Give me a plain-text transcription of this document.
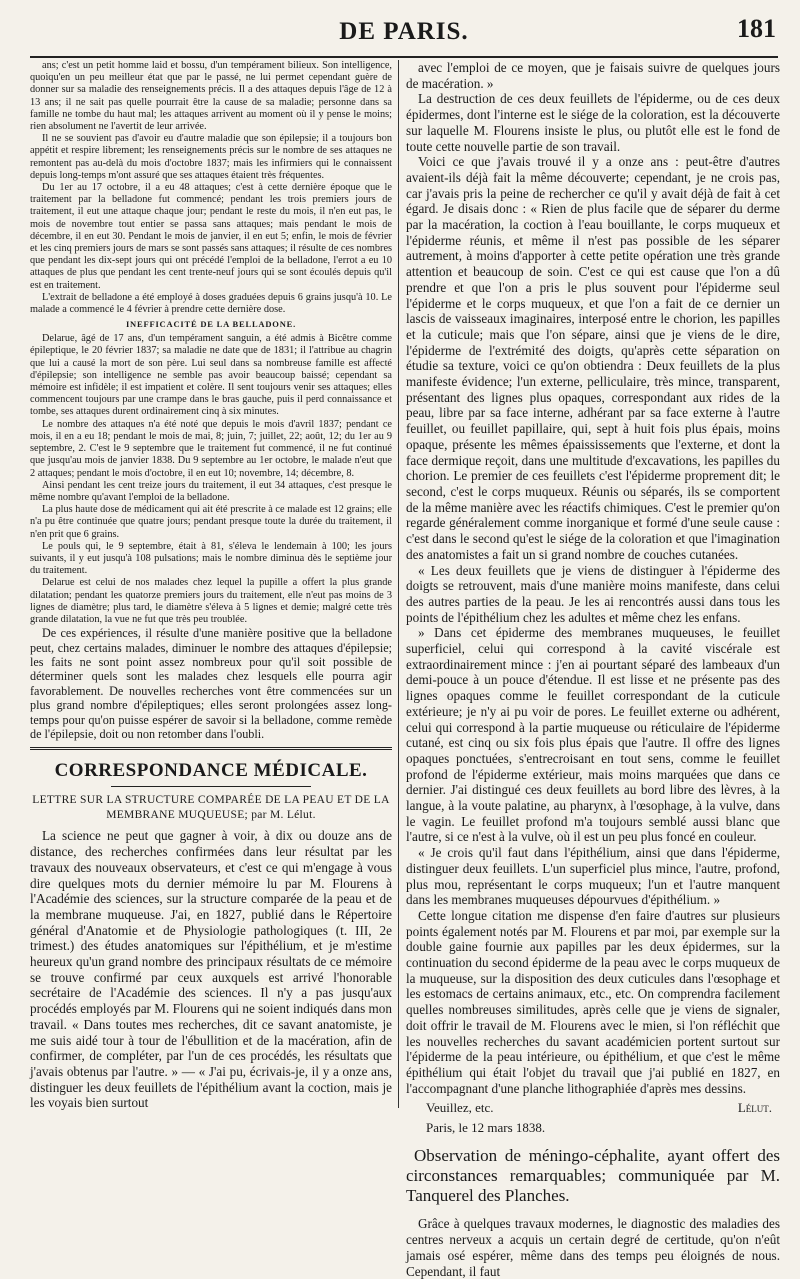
DE PARIS.	181

ans; c'est un petit homme laid et bossu, d'un tempérament bilieux. Son intelligence, quoiqu'en un peu meilleur état que par le passé, ne lui permet cependant guère de donner sur sa maladie des renseignements précis. Il a des attaques depuis l'âge de 12 à 13 ans; il ne sait pas quelle pourrait être la cause de sa maladie; personne dans sa famille ne tombe du haut mal; les attaques arrivent au moment où il y pense le moins; rien absolument ne l'avertit de leur arrivée.

Il ne se souvient pas d'avoir eu d'autre maladie que son épilepsie; il a toujours bon appétit et respire librement; les renseignements précis sur le nombre de ses attaques ne remontent pas au-delà du mois d'octobre 1837; mais les infirmiers qui le connaissent depuis long-temps m'ont assuré que ses attaques étaient très fréquentes.

Du 1er au 17 octobre, il a eu 48 attaques; c'est à cette dernière époque que le traitement par la belladone fut commencé; pendant les trois premiers jours de traitement, il eut une attaque chaque jour; pendant le reste du mois, il n'en eut pas, le mois de novembre tout entier se passa sans attaques; mais pendant le mois de décembre, il en eut 30. Pendant le mois de janvier, il en eut 5; enfin, le mois de février et les cinq premiers jours de mars se sont passés sans attaques; il résulte de ces nombres que pendant les dix-sept jours qui ont précédé l'emploi de la belladone, l'errot a eu 10 attaques de plus que pendant les cent trente-neuf jours qui se sont écoulés depuis qu'il est en traitement.

L'extrait de belladone a été employé à doses graduées depuis 6 grains jusqu'à 10. Le malade a commencé le 4 février à prendre cette dernière dose.

INEFFICACITÉ DE LA BELLADONE.

Delarue, âgé de 17 ans, d'un tempérament sanguin, a été admis à Bicêtre comme épileptique, le 20 février 1837; sa maladie ne date que de 1831; il l'attribue au chagrin que lui a causé la mort de son père. Lui seul dans sa nombreuse famille est affecté d'épilepsie; son intelligence ne semble pas avoir beaucoup baissé; cependant sa mémoire est infidèle; il est impatient et colère. Il sent toujours venir ses attaques; elles commencent toujours par une crampe dans le bras gauche, puis il perd connaissance et tombe, ses attaques durent ordinairement cinq à six minutes.

Le nombre des attaques n'a été noté que depuis le mois d'avril 1837; pendant ce mois, il en a eu 18; pendant le mois de mai, 8; juin, 7; juillet, 22; août, 12; du 1er au 9 septembre, 2. C'est le 9 septembre que le traitement fut commencé, il ne fut continué que jusqu'au mois de janvier 1838. Du 9 septembre au 1er octobre, le malade n'eut que 2 attaques; pendant le mois d'octobre, il en eut 10; novembre, 14; décembre, 8.

Ainsi pendant les cent treize jours du traitement, il eut 34 attaques, c'est presque le même nombre qu'avant l'emploi de la belladone.

La plus haute dose de médicament qui ait été prescrite à ce malade est 12 grains; elle n'a pu être continuée que quatre jours; pendant presque toute la durée du traitement, il n'en prit que 6 grains.

Le pouls qui, le 9 septembre, était à 81, s'éleva le lendemain à 100; les jours suivants, il y eut jusqu'à 108 pulsations; mais le nombre diminua dès le septième jour du traitement.

Delarue est celui de nos malades chez lequel la pupille a offert la plus grande dilatation; pendant les quatorze premiers jours du traitement, elle n'eut pas moins de 3 lignes de diamètre; plus tard, le diamètre s'éleva à 5 lignes et demie; malgré cette très grande dilatation, la vue ne fut que très peu troublée.

De ces expériences, il résulte d'une manière positive que la belladone peut, chez certains malades, diminuer le nombre des attaques d'épilepsie; les faits ne sont point assez nombreux pour qu'il soit possible de déterminer quels sont les malades chez lesquels elle pourra agir favorablement. De nouvelles recherches vont être commencées sur un plus grand nombre d'épileptiques; elles seront prolongées assez long-temps pour qu'on puisse espérer de savoir si la belladone, comme remède de l'épilepsie, doit ou non retomber dans l'oubli.

CORRESPONDANCE MÉDICALE.
LETTRE SUR LA STRUCTURE COMPARÉE DE LA PEAU ET DE LA MEMBRANE MUQUEUSE; par M. Lélut.

La science ne peut que gagner à voir, à dix ou douze ans de distance, des recherches confirmées dans leur résultat par les travaux des nouveaux observateurs, et c'est ce qui m'engage à vous dire quelques mots du dernier mémoire lu par M. Flourens à l'Académie des sciences, sur la structure comparée de la peau et de la membrane muqueuse. J'ai, en 1827, publié dans le Répertoire général d'Anatomie et de Physiologie pathologiques (t. III, 2e trimest.) des études anatomiques sur l'épithélium, et je m'estime heureux qu'un grand nombre des principaux résultats de ce mémoire se trouve confirmé par ceux auxquels est arrivé l'honorable secrétaire de l'Académie des sciences. Il n'y a pas jusqu'aux procédés employés par M. Flourens qui ne soient indiqués dans mon travail. « Dans toutes mes recherches, dit ce savant anatomiste, je me suis aidé tour à tour de l'ébullition et de la macération, afin de confirmer, de compléter, par l'un de ces procédés, les résultats que j'avais obtenus par l'autre. » — « J'ai pu, écrivais-je, il y a onze ans, distinguer les deux feuillets de l'épithélium avant la coction, mais je les voyais bien surtout

avec l'emploi de ce moyen, que je faisais suivre de quelques jours de macération. »

La destruction de ces deux feuillets de l'épiderme, ou de ces deux épidermes, dont l'interne est le siége de la coloration, est la découverte sur laquelle M. Flourens insiste le plus, ou plutôt elle est le fond de toute cette nouvelle partie de son travail.

Voici ce que j'avais trouvé il y a onze ans : peut-être d'autres avaient-ils déjà fait la même découverte; cependant, je ne crois pas, car j'avais pris la peine de rechercher ce qu'il y avait déjà de fait à cet égard. Je disais donc : « Rien de plus facile que de séparer du derme par la macération, la coction à l'eau bouillante, le corps muqueux et l'épiderme réunis, et même il n'est pas possible de les séparer autrement, à moins d'apporter à cette petite opération une très grande attention et beaucoup de soin. C'est ce qui est cause que l'on a dû prendre et que l'on a pris le plus souvent pour l'épiderme seul l'épiderme et le corps muqueux, et que l'on a fait de ce dernier un lascis de vaisseaux imaginaires, interposé entre le chorion, les papilles et la cuticule; mais que l'on sépare, ainsi que je viens de le dire, l'épiderme de l'extrémité des doigts, qu'après cette séparation on étudie sa texture, voici ce qu'on obtiendra : Deux feuillets de la plus manifeste évidence; l'un externe, pelliculaire, très mince, transparent, présentant des lignes plus opaques, correspondant aux rides de la peau, libre par sa face interne, adhérant par sa face externe à l'autre feuillet, ou feuillet papillaire, qui, sept à huit fois plus épais, moins opaque, présente les mêmes épaississements que l'externe, et dont la face dermique reçoit, dans une multitude d'excavations, les papilles du chorion. Le premier de ces feuillets c'est l'épiderme proprement dit; le second, c'est le corps muqueux. Réunis ou séparés, ils se comportent de la même manière avec les réactifs chimiques. C'est le premier qu'on regarde généralement comme inorganique et formé d'une seule cause : c'est dans le second qu'est le siége de la coloration et que l'imagination des anatomistes a fait un si grand nombre de couches cutanées.

« Les deux feuillets que je viens de distinguer à l'épiderme des doigts se retrouvent, mais d'une manière moins manifeste, dans celui des autres parties de la peau. Je les ai rencontrés aussi dans tous les points de l'épithélium chez les adultes et même chez les enfans.

» Dans cet épiderme des membranes muqueuses, le feuillet superficiel, celui qui correspond à la cavité viscérale est extraordinairement mince : j'en ai pourtant séparé des lambeaux d'un demi-pouce à un pouce d'étendue. Il est lisse et ne présente pas des lignes opaques comme le feuillet correspondant de la cuticule extérieure; je n'y ai pu voir de pores. Le feuillet externe ou adhérent, celui qui correspond à la partie muqueuse ou réticulaire de l'épiderme cutané, est cinq ou six fois plus épais que l'autre. Il offre des lignes opaques ponctuées, s'entrecroisant en tout sens, comme le feuillet profond de l'épiderme extérieur, mais moins marquées que dans ce dernier. J'ai distingué ces deux feuillets au bord libre des lèvres, à la langue, à la voute palatine, au pharynx, à l'œsophage, à la vulve, dans le vagin. Le feuillet profond m'a toujours semblé aussi blanc que l'autre, si ce n'est à la vulve, où il est un peu plus foncé en couleur.

« Je crois qu'il faut dans l'épithélium, ainsi que dans l'épiderme, distinguer deux feuillets. L'un superficiel plus mince, l'autre, profond, plus mou, représentant le corps muqueux; l'un et l'autre manquent dans les membranes muqueuses dépourvues d'épithélium. »

Cette longue citation me dispense d'en faire d'autres sur plusieurs points également notés par M. Flourens et par moi, par exemple sur la double gaine fournie aux papilles par les deux épidermes, sur la continuation du second épiderme de la peau avec le corps muqueux de la muqueuse, sur la disposition des deux cuticules dans l'œsophage et les estomacs de certains animaux, etc., etc. On comprendra facilement quelles nombreuses similitudes, après celle que je viens de signaler, doit offrir le travail de M. Flourens avec le mien, si l'on réfléchit que les nouvelles recherches du savant académicien portent surtout sur l'épiderme de la peau intérieure, ou épithélium, et que c'est le même épithélium qui était l'objet du travail que j'ai publié en 1827, en l'accompagnant d'une planche lithographiée d'après mes dessins.

Veuillez, etc.	Lélut.
Paris, le 12 mars 1838.
Observation de méningo-céphalite, ayant offert des circonstances remarquables; communiquée par M. Tanquerel des Planches.

Grâce à quelques travaux modernes, le diagnostic des maladies des centres nerveux a acquis un certain degré de certitude, qu'on n'eût jamais osé espérer, même dans des temps peu éloignés de nous. Cependant, il faut
